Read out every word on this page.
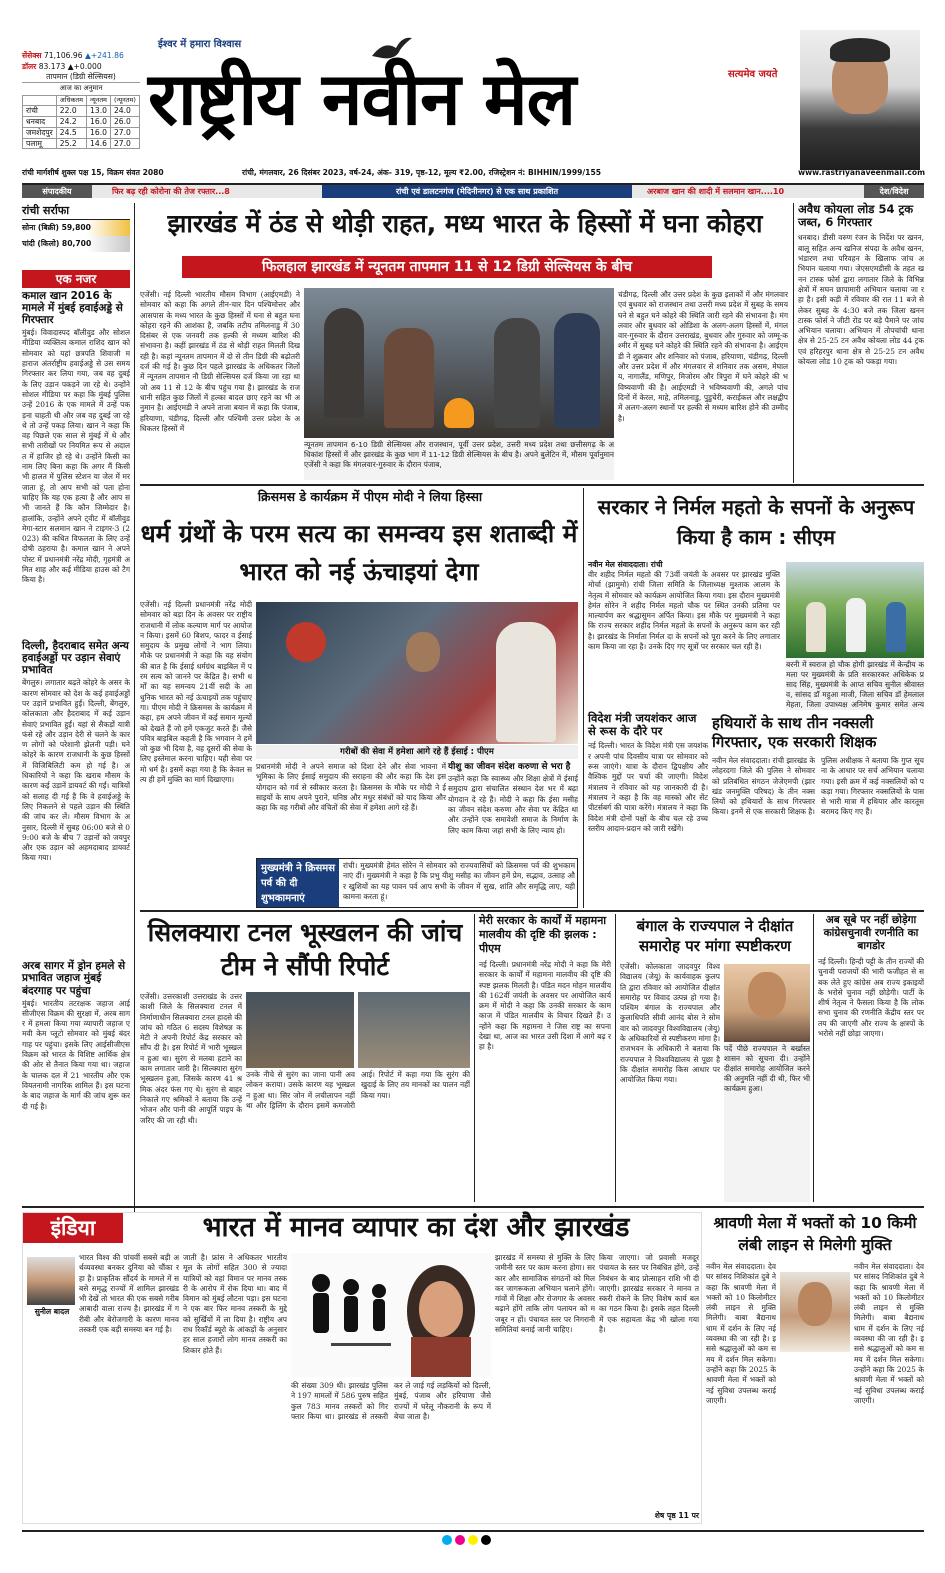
सेंसेक्स 71,106.96 ▲+241.86
डॉलर 83.173 ▲+0.000
तापमान (डिग्री सेल्सियस)
आज का अनुमान
	अधिकतम	न्यूनतम	(न्यूनतम)
रांची	22.0	13.0	24.0
धनबाद	24.2	16.0	26.0
जमशेदपुर	24.5	16.0	27.0
पलामू	25.2	14.6	27.0
ईश्वर में हमारा विश्वास
राष्ट्रीय नवीन मेल	सत्यमेव जयते
रांची मार्गशीर्ष शुक्ल पक्ष 15, विक्रम संवत 2080	रांची, मंगलवार, 26 दिसंबर 2023, वर्ष-24, अंक- 319, पृष्ठ-12, मूल्य ₹2.00, रजिस्ट्रेशन नं: BIHHIN/1999/155	www.rastriyanaveenmail.com
संपादकीय	फिर बढ़ रही कोरोना की तेज रफ्तार...8	रांची एवं डालटनगंज (मेदिनीनगर) से एक साथ प्रकाशित	अरबाज खान की शादी में सलमान खान....10	देश/विदेश
रांची सर्राफा
सोना (बिक्री) 59,800
चांदी (किलो) 80,700
एक नजर
कमाल खान 2016 के मामले में मुंबई हवाईअड्डे से गिरफ्तार
मुंबई। विवादास्पद बॉलीवुड और सोशल मीडिया व्यक्तित्व कमाल राशिद खान को सोमवार को यहां छत्रपति शिवाजी महाराज अंतर्राष्ट्रीय हवाईअड्डे से उस समय गिरफ्तार कर लिया गया, जब वह दुबई के लिए उड़ान पकड़ने जा रहे थे। उन्होंने सोशल मीडिया पर कहा कि मुंबई पुलिस उन्हें 2016 के एक मामले में उन्हें पकड़ना चाहती थी और जब वह दुबई जा रहे थे तो उन्हें पकड़ लिया। खान ने कहा कि वह पिछले एक साल से मुंबई में थे और सभी तारीखों पर नियमित रूप से अदालत में हाजिर हो रहे थे। उन्होंने किसी का नाम लिए बिना कहा कि अगर मैं किसी भी हालत में पुलिस स्टेशन या जेल में मर जाता हूं, तो आप सभी को पता होना चाहिए कि यह एक हत्या है और आप सभी जानते हैं कि कौन जिम्मेदार है। हालांकि, उन्होंने अपने ट्वीट में बॉलीवुड मेगा-स्टार सलमान खान ने टाइगर-3 (2023) की कथित विफलता के लिए उन्हें दोषी ठहराया है। कमाल खान ने अपने पोस्ट में प्रधानमंत्री नरेंद्र मोदी, गृहमंत्री अमित शाह और कई मीडिया हाउस को टैग किया है।
दिल्ली, हैदराबाद समेत अन्य हवाईअड्डों पर उड़ान सेवाएं प्रभावित
बेंगलुरु। लगातार बढ़ते कोहरे के असर के कारण सोमवार को देश के कई हवाईअड्डों पर उड़ानें प्रभावित हुईं। दिल्ली, बेंगलुरु, कोलकाता और हैदराबाद में कई उड़ान सेवाएं प्रभावित हुईं। यहां से सैकड़ों यात्री फंसे रहे और उड़ान देरी से चलने के कारण लोगों को परेशानी झेलनी पड़ी। घने कोहरे के कारण राजधानी के कुछ हिस्सों में विजिबिलिटी कम हो गई है। अधिकारियों ने कहा कि खराब मौसम के कारण कई उड़ानें डायवर्ट की गईं। यात्रियों को सलाह दी गई है कि वे हवाईअड्डे के लिए निकलने से पहले उड़ान की स्थिति की जांच कर लें। मौसम विभाग के अनुसार, दिल्ली में सुबह 06:00 बजे से 09:00 बजे के बीच 7 उड़ानों को जयपुर और एक उड़ान को अहमदाबाद डायवर्ट किया गया।
अरब सागर में ड्रोन हमले से प्रभावित जहाज मुंबई बंदरगाह पर पहुंचा
मुंबई। भारतीय तटरक्षक जहाज आईसीजीएस विक्रम की सुरक्षा में, अरब सागर में हमला किया गया व्यापारी जहाज एमवी केम प्लूटो सोमवार को मुंबई बंदरगाह पर पहुंचा। इसके लिए आईसीजीएस विक्रम को भारत के विशिष्ट आर्थिक क्षेत्र की ओर से तैनात किया गया था। जहाज के चालक दल में 21 भारतीय और एक वियतनामी नागरिक शामिल हैं। इस घटना के बाद जहाज के मार्ग की जांच शुरू कर दी गई है।
झारखंड में ठंड से थोड़ी राहत, मध्य भारत के हिस्सों में घना कोहरा
फिलहाल झारखंड में न्यूनतम तापमान 11 से 12 डिग्री सेल्सियस के बीच
एजेंसी। नई दिल्ली भारतीय मौसम विभाग (आईएमडी) ने सोमवार को कहा कि अगले तीन-चार दिन पश्चिमोत्तर और आसपास के मध्य भारत के कुछ हिस्सों में घना से बहुत घना कोहरा रहने की आशंका है, जबकि तटीय तमिलनाडु में 30 दिसंबर से एक जनवरी तक हल्की से मध्यम बारिश की संभावना है। कहीं झारखंड में ठंड से थोड़ी राहत मिलती दिख रही है। कहां न्यूनतम तापमान में दो से तीन डिग्री की बढ़ोतरी दर्ज की गई है। कुछ दिन पहले झारखंड के अधिकतर जिलों में न्यूनतम तापमान नौ डिग्री सेल्सियस दर्ज किया जा रहा था जो अब 11 से 12 के बीच पहुंच गया है। झारखंड के राजधानी सहित कुछ जिलों में हल्का बादल छाए रहने का भी अनुमान है। आईएमडी ने अपने ताजा बयान में कहा कि पंजाब, हरियाणा, चंडीगढ़, दिल्ली और पश्चिमी उत्तर प्रदेश के अधिकतर हिस्सों में
न्यूनतम तापमान 6-10 डिग्री सेल्सियस और राजस्थान, पूर्वी उत्तर प्रदेश, उत्तरी मध्य प्रदेश तथा छत्तीसगढ़ के अधिकांश हिस्सों में और झारखंड के कुछ भाग में 11-12 डिग्री सेल्सियस के बीच है। अपने बुलेटिन में, मौसम पूर्वानुमान एजेंसी ने कहा कि मंगलवार-गुरुवार के दौरान पंजाब,
चंडीगढ़, दिल्ली और उत्तर प्रदेश के कुछ इलाकों में और मंगलवार एवं बुधवार को राजस्थान तथा उत्तरी मध्य प्रदेश में सुबह के समय घने से बहुत घने कोहरे की स्थिति जारी रहने की संभावना है। मंगलवार और बुधवार को ओडिशा के अलग-अलग हिस्सों में, मंगलवार-गुरुवार के दौरान उत्तराखंड, बुधवार और गुरुवार को जम्मू-कश्मीर में सुबह घने कोहरे की स्थिति रहने की संभावना है। आईएमडी ने शुक्रवार और शनिवार को पंजाब, हरियाणा, चंडीगढ़, दिल्ली और उत्तर प्रदेश में और मंगलवार से शनिवार तक असम, मेघालय, नागालैंड, मणिपुर, मिजोरम और त्रिपुरा में घने कोहरे की भविष्यवाणी की है। आईएमडी ने भविष्यवाणी की, अगले पांच दिनों में केरल, माहे, तमिलनाडु, पुडुचेरी, कराईकल और लक्षद्वीप में अलग-अलग स्थानों पर हल्की से मध्यम बारिश होने की उम्मीद है।
अवैध कोयला लोड 54 ट्रक जब्त, 6 गिरफ्तार
धनबाद। डीसी वरुण रंजन के निर्देश पर खनन, बालू सहित अन्य खनिज संपदा के अवैध खनन, भंडारण तथा परिवहन के खिलाफ जांच अभियान चलाया गया। जेएसएमडीसी के तहत खनन टास्क फोर्स द्वारा लगातार जिले के विभिन्न क्षेत्रों में सघन छापामारी अभियान चलाया जा रहा है। इसी कड़ी में रविवार की रात 11 बजे से लेकर सुबह के 4:30 बजे तक जिला खनन टास्क फोर्स ने जीटी रोड पर बड़े पैमाने पर जांच अभियान चलाया। अभियान में तोपचांची थाना क्षेत्र से 25-25 टन अवैध कोयला लोड 44 ट्रक एवं हरिहरपुर थाना क्षेत्र से 25-25 टन अवैध कोयला लोड 10 ट्रक को पकड़ा गया।
क्रिसमस डे कार्यक्रम में पीएम मोदी ने लिया हिस्सा
धर्म ग्रंथों के परम सत्य का समन्वय इस शताब्दी में भारत को नई ऊंचाइयां देगा
एजेंसी। नई दिल्ली प्रधानमंत्री नरेंद्र मोदी सोमवार को बड़ा दिन के अवसर पर राष्ट्रीय राजधानी में लोक कल्याण मार्ग पर आयोजन किया। इसमें 60 बिशप, फादर व ईसाई समुदाय के प्रमुख लोगों ने भाग लिया। मौके पर प्रधानमंत्री ने कहा कि यह संयोग की बात है कि ईसाई धर्मग्रंथ बाइबिल में परम सत्य को जानने पर केंद्रित है। सभी धर्मों का यह समन्वय 21वीं सदी के आधुनिक भारत को नई ऊंचाइयों तक पहुंचाएगा। पीएम मोदी ने क्रिसमस के कार्यक्रम में कहा, हम अपने जीवन में कई समान मूल्यों को देखते हैं जो हमें एकजुट करते हैं। जैसे पवित्र बाइबिल कहती है कि भगवान ने हमें जो कुछ भी दिया है, वह दूसरों की सेवा के लिए इस्तेमाल करना चाहिए। यही सेवा परमो धर्म है। इसमें कहा गया है कि केवल सत्य ही हमें मुक्ति का मार्ग दिखाएगा।
गरीबों की सेवा में हमेशा आगे रहे हैं ईसाई : पीएम
प्रधानमंत्री मोदी ने अपने समाज को दिशा देने और सेवा भावना में भूमिका के लिए ईसाई समुदाय की सराहना की और कहा कि देश इस योगदान को गर्व से स्वीकार करता है। क्रिसमस के मौके पर मोदी ने ईसाइयों के साथ अपने पुराने, घनिष्ठ और मधुर संबंधों को याद किया और कहा कि वह गरीबों और वंचितों की सेवा में हमेशा आगे रहे हैं।
यीशु का जीवन संदेश करुणा से भरा है
उन्होंने कहा कि स्वास्थ्य और शिक्षा क्षेत्रों में ईसाई समुदाय द्वारा संचालित संस्थान देश भर में बढ़ा योगदान दे रहे हैं। मोदी ने कहा कि ईसा मसीह का जीवन संदेश करुणा और सेवा पर केंद्रित था और उन्होंने एक समावेशी समाज के निर्माण के लिए काम किया जहां सभी के लिए न्याय हो।
मुख्यमंत्री ने क्रिसमस पर्व की दी शुभकामनाएं
रांची। मुख्यमंत्री हेमंत सोरेन ने सोमवार को राज्यवासियों को क्रिसमस पर्व की शुभकामनाएं दीं। मुख्यमंत्री ने कहा है कि प्रभु यीशु मसीह का जीवन हमें प्रेम, सद्भाव, उत्साह और खुशियों का यह पावन पर्व आप सभी के जीवन में सुख, शांति और समृद्धि लाए, यही कामना करता हूं।
सरकार ने निर्मल महतो के सपनों के अनुरूप किया है काम : सीएम
नवीन मेल संवाददाता। रांची
वीर शहीद निर्मल महतो की 73वीं जयंती के अवसर पर झारखंड मुक्ति मोर्चा (झामुमो) रांची जिला समिति के जिलाध्यक्ष मुश्ताक आलम के नेतृत्व में सोमवार को कार्यक्रम आयोजित किया गया। इस दौरान मुख्यमंत्री हेमंत सोरेन ने शहीद निर्मल महतो चौक पर स्थित उनकी प्रतिमा पर माल्यार्पण कर श्रद्धासुमन अर्पित किया। इस मौके पर मुख्यमंत्री ने कहा कि राज्य सरकार शहीद निर्मल महतो के सपनों के अनुरूप काम कर रही है। झारखंड के निर्माता निर्मल दा के सपनों को पूरा करने के लिए लगातार काम किया जा रहा है। उनके दिए गए सूत्रों पर सरकार चल रही है।
बरनी में स्वराज हो चौक होगी झारखंड में केन्द्रीय कमला पर मुख्यमंत्री के प्रति सरकारकर अधिकेक प्रसाद सिंह, मुख्यमंत्री के आप्त सचिव सुनील श्रीवास्तव, सांसद डॉ महुआ माजी, जिला सचिव डॉ हेमलाल मेहता, जिला उपाध्यक्ष अनिमेष कुमार समेत अन्य
विदेश मंत्री जयशंकर आज से रूस के दौरे पर
नई दिल्ली। भारत के विदेश मंत्री एस जयशंकर अपनी पांच दिवसीय यात्रा पर सोमवार को रूस जाएंगे। यात्रा के दौरान द्विपक्षीय और वैश्विक मुद्दों पर चर्चा की जाएगी। विदेश मंत्रालय ने रविवार को यह जानकारी दी है। मंत्रालय ने कहा है कि वह मास्को और सेंट पीटर्सबर्ग की यात्रा करेंगे। मंत्रालय ने कहा कि विदेश मंत्री दोनों पक्षों के बीच चल रहे उच्च स्तरीय आदान-प्रदान को जारी रखेंगे।
हथियारों के साथ तीन नक्सली गिरफ्तार, एक सरकारी शिक्षक
नवीन मेल संवाददाता। रांची झारखंड के लोहरदगा जिले की पुलिस ने सोमवार को प्रतिबंधित संगठन जेजेएमपी (झारखंड जनमुक्ति परिषद) के तीन नक्सलियों को हथियारों के साथ गिरफ्तार किया। इनमें से एक सरकारी शिक्षक है। पुलिस अधीक्षक ने बताया कि गुप्त सूचना के आधार पर सर्च अभियान चलाया गया। इसी क्रम में कई नक्सलियों को पकड़ा गया। गिरफ्तार नक्सलियों के पास से भारी मात्रा में हथियार और कारतूस बरामद किए गए हैं।
सिलक्यारा टनल भूस्खलन की जांच टीम ने सौंपी रिपोर्ट
एजेंसी। उत्तरकाशी उत्तराखंड के उत्तरकाशी जिले के सिलक्यारा टनल में निर्माणाधीन सिलक्यारा टनल हादसे की जांच को गठित 6 सदस्य विशेषज्ञ कमेटी ने अपनी रिपोर्ट केंद्र सरकार को सौंप दी है। इस रिपोर्ट में भारी भूस्खलन हुआ था। सुरंग से मलबा हटाने का काम लगातार जारी है। सिल्क्यारा सुरंग भूस्खलन हुआ, जिसके कारण 41 श्रमिक अंदर फंस गए थे। सुरंग से बाहर निकाले गए श्रमिकों ने बताया कि उन्हें भोजन और पानी की आपूर्ति पाइप के जरिए की जा रही थी।
उनके नीचे से सुरंग का जाना पानी अवलोकन कराया। उसके कारण यह भूस्खलन हुआ था। सिर जोन में लचीलापन नहीं था और ड्रिलिंग के दौरान इसमें कमजोरी आई। रिपोर्ट में कहा गया कि सुरंग की खुदाई के लिए तय मानकों का पालन नहीं किया गया।
मेरी सरकार के कार्यों में महामना मालवीय की दृष्टि की झलक : पीएम
नई दिल्ली। प्रधानमंत्री नरेंद्र मोदी ने कहा कि मेरी सरकार के कार्यों में महामना मालवीय की दृष्टि की स्पष्ट झलक मिलती है। पंडित मदन मोहन मालवीय की 162वीं जयंती के अवसर पर आयोजित कार्यक्रम में मोदी ने कहा कि उनकी सरकार के कामकाज में पंडित मालवीय के विचार दिखते हैं। उन्होंने कहा कि महामना ने जिस राष्ट्र का सपना देखा था, आज का भारत उसी दिशा में आगे बढ़ रहा है।
बंगाल के राज्यपाल ने दीक्षांत समारोह पर मांगा स्पष्टीकरण
एजेंसी। कोलकाता जादवपुर विश्वविद्यालय (जेयू) के कार्यवाहक कुलपति द्वारा रविवार को आयोजित दीक्षांत समारोह पर विवाद उत्पन्न हो गया है। पश्चिम बंगाल के राज्यपाल और कुलाधिपति सीवी आनंद बोस ने सोमवार को जादवपुर विश्वविद्यालय (जेयू) के अधिकारियों से स्पष्टीकरण मांगा है। राजभवन के अधिकारी ने बताया कि राज्यपाल ने विश्वविद्यालय से पूछा है कि दीक्षांत समारोह किस आधार पर आयोजित किया गया।
पर्दे पीछे राज्यपाल ने बर्खास्त शासन को सूचना दी। उन्होंने दीक्षांत समारोह आयोजित करने की अनुमति नहीं दी थी, फिर भी कार्यक्रम हुआ।
अब सूबे पर नहीं छोड़ेगा कांग्रेसचुनावी रणनीति का बागडोर
नई दिल्ली। हिन्दी पट्टी के तीन राज्यों की चुनावी पराजयों की भारी फजीहत से सबक लेते हुए कांग्रेस अब राज्य इकाइयों के भरोसे चुनाव नहीं छोड़ेगी। पार्टी के शीर्ष नेतृत्व ने फैसला किया है कि लोकसभा चुनाव की रणनीति केंद्रीय स्तर पर तय की जाएगी और राज्य के क्षत्रपों के भरोसे नहीं छोड़ा जाएगा।
इंडिया	भारत में मानव व्यापार का दंश और झारखंड
सुनील बादल
भारत विश्व की पांचवीं सबसे बड़ी अर्थव्यवस्था बनकर दुनिया को चौंका रहा है। प्राकृतिक सौंदर्य के मामले में सबसे समृद्ध राज्यों में शामिल झारखंड भी देखें तो भारत की एक सबसे गरीब आबादी वाला राज्य है। झारखंड में गरीबी और बेरोजगारी के कारण मानव तस्करी एक बड़ी समस्या बन गई है।
जाती है। फ्रांस ने अधिकतर भारतीय मूल के लोगों सहित 300 से ज्यादा यात्रियों को वहां विमान पर मानव तस्करी के आरोप में रोक दिया था। बाद में विमान को मुंबई लौटना पड़ा। इस घटना ने एक बार फिर मानव तस्करी के मुद्दे को सुर्खियों में ला दिया है। राष्ट्रीय अपराध रिकॉर्ड ब्यूरो के आंकड़ों के अनुसार हर साल हजारों लोग मानव तस्करी का शिकार होते हैं।
की संख्या 309 थी। झारखंड पुलिस ने 197 मामलों में 586 पुरुष सहित कुल 783 मानव तस्करों को गिरफ्तार किया था। झारखंड से तस्करी कर ले जाई गई लड़कियों को दिल्ली, मुंबई, पंजाब और हरियाणा जैसे राज्यों में घरेलू नौकरानी के रूप में बेचा जाता है।
झारखंड में समस्या से मुक्ति के लिए जमीनी स्तर पर काम करना होगा। सरकार और सामाजिक संगठनों को मिलकर जागरूकता अभियान चलाने होंगे। गांवों में शिक्षा और रोजगार के अवसर बढ़ाने होंगे ताकि लोग पलायन को मजबूर न हों। पंचायत स्तर पर निगरानी समितियां बनाई जानी चाहिए।
किया जाएगा। जो प्रवासी मजदूर पंचायत के स्तर पर निबंधित होंगे, उन्हें निबंधन के बाद प्रोत्साहन राशि भी दी जाएगी। झारखंड सरकार ने मानव तस्करी रोकने के लिए विशेष कार्य बल का गठन किया है। इसके तहत दिल्ली में एक सहायता केंद्र भी खोला गया है।
शेष पृष्ठ 11 पर
श्रावणी मेला में भक्तों को 10 किमी लंबी लाइन से मिलेगी मुक्ति
नवीन मेल संवाददाता। देवघर सांसद निशिकांत दुबे ने कहा कि श्रावणी मेला में भक्तों को 10 किलोमीटर लंबी लाइन से मुक्ति मिलेगी। बाबा बैद्यनाथ धाम में दर्शन के लिए नई व्यवस्था की जा रही है। इससे श्रद्धालुओं को कम समय में दर्शन मिल सकेगा। उन्होंने कहा कि 2025 के श्रावणी मेला में भक्तों को नई सुविधा उपलब्ध कराई जाएगी।
नवीन मेल संवाददाता। देवघर सांसद निशिकांत दुबे ने कहा कि श्रावणी मेला में भक्तों को 10 किलोमीटर लंबी लाइन से मुक्ति मिलेगी। बाबा बैद्यनाथ धाम में दर्शन के लिए नई व्यवस्था की जा रही है। इससे श्रद्धालुओं को कम समय में दर्शन मिल सकेगा। उन्होंने कहा कि 2025 के श्रावणी मेला में भक्तों को नई सुविधा उपलब्ध कराई जाएगी।
